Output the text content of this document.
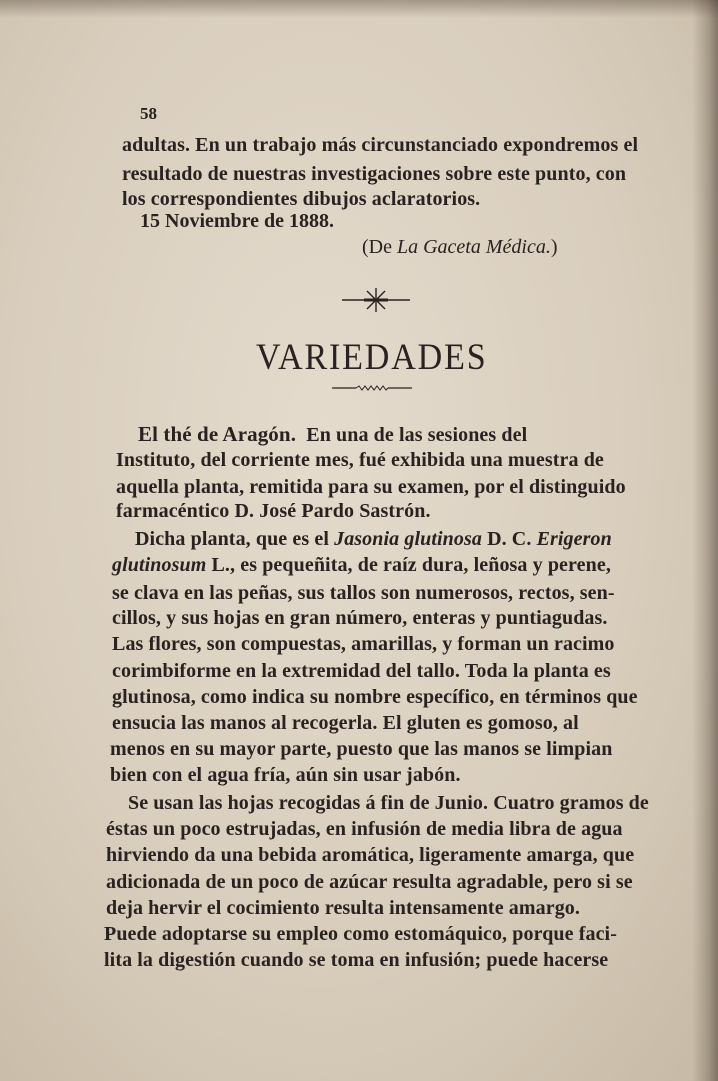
58
adultas. En un trabajo más circunstanciado expondremos el
resultado de nuestras investigaciones sobre este punto, con
los correspondientes dibujos aclaratorios.
15 Noviembre de 1888.
(De La Gaceta Médica.)
VARIEDADES
El thé de Aragón. En una de las sesiones del
Instituto, del corriente mes, fué exhibida una muestra de
aquella planta, remitida para su examen, por el distinguido
farmacéntico D. José Pardo Sastrón.
Dicha planta, que es el Jasonia glutinosa D. C. Erigeron
glutinosum L., es pequeñita, de raíz dura, leñosa y perene,
se clava en las peñas, sus tallos son numerosos, rectos, sen-
cillos, y sus hojas en gran número, enteras y puntiagudas.
Las flores, son compuestas, amarillas, y forman un racimo
corimbiforme en la extremidad del tallo. Toda la planta es
glutinosa, como indica su nombre específico, en términos que
ensucia las manos al recogerla. El gluten es gomoso, al
menos en su mayor parte, puesto que las manos se limpian
bien con el agua fría, aún sin usar jabón.
Se usan las hojas recogidas á fin de Junio. Cuatro gramos de
éstas un poco estrujadas, en infusión de media libra de agua
hirviendo da una bebida aromática, ligeramente amarga, que
adicionada de un poco de azúcar resulta agradable, pero si se
deja hervir el cocimiento resulta intensamente amargo.
Puede adoptarse su empleo como estomáquico, porque faci-
lita la digestión cuando se toma en infusión; puede hacerse
